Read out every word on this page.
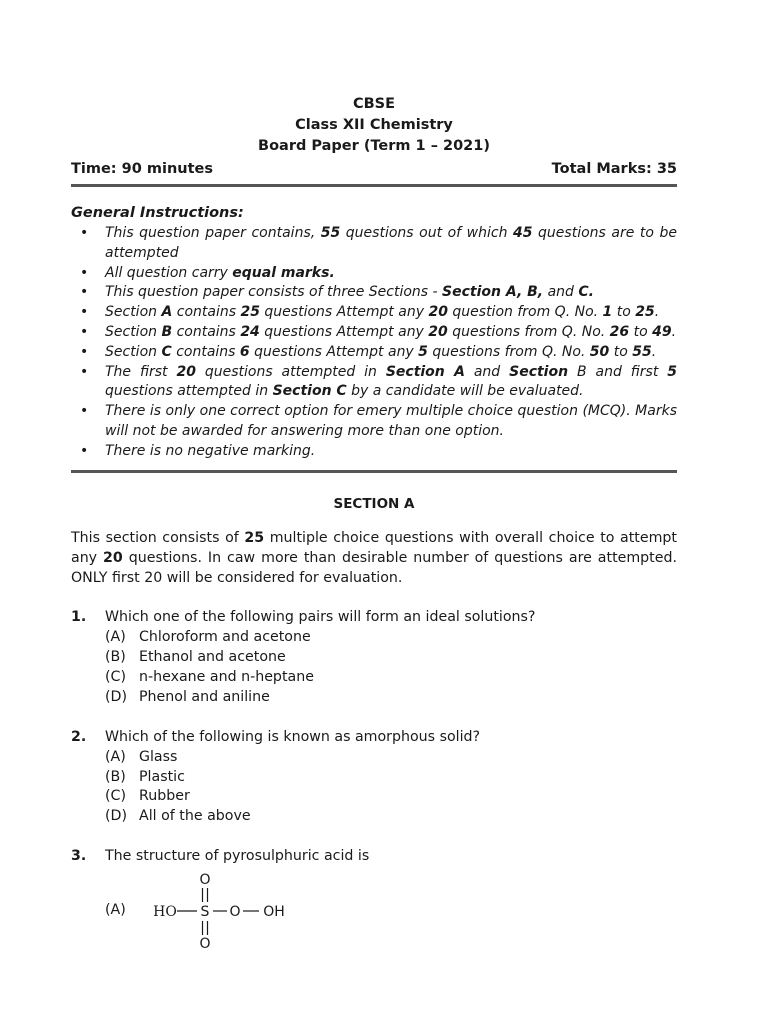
CBSE
Class XII Chemistry
Board Paper (Term 1 – 2021)
Time: 90 minutes	Total Marks: 35
General Instructions:
• This question paper contains, 55 questions out of which 45 questions are to be attempted
• All question carry equal marks.
• This question paper consists of three Sections - Section A, B, and C.
• Section A contains 25 questions Attempt any 20 question from Q. No. 1 to 25.
• Section B contains 24 questions Attempt any 20 questions from Q. No. 26 to 49.
• Section C contains 6 questions Attempt any 5 questions from Q. No. 50 to 55.
• The first 20 questions attempted in Section A and Section B and first 5 questions attempted in Section C by a candidate will be evaluated.
• There is only one correct option for emery multiple choice question (MCQ). Marks will not be awarded for answering more than one option.
• There is no negative marking.
SECTION A
This section consists of 25 multiple choice questions with overall choice to attempt any 20 questions. In caw more than desirable number of questions are attempted. ONLY first 20 will be considered for evaluation.
1.	Which one of the following pairs will form an ideal solutions?
(A) Chloroform and acetone
(B) Ethanol and acetone
(C) n-hexane and n-heptane
(D) Phenol and aniline
2.	Which of the following is known as amorphous solid?
(A) Glass
(B) Plastic
(C) Rubber
(D) All of the above
3.	The structure of pyrosulphuric acid is
(A)	HO S
O
O
O OH
